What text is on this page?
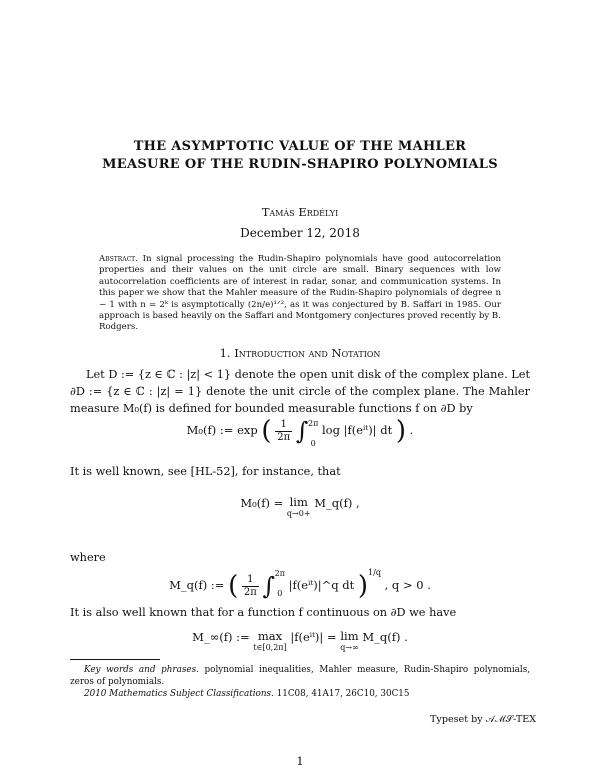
THE ASYMPTOTIC VALUE OF THE MAHLER
MEASURE OF THE RUDIN-SHAPIRO POLYNOMIALS
Tamás Erdélyi
December 12, 2018
Abstract. In signal processing the Rudin-Shapiro polynomials have good autocorrelation properties and their values on the unit circle are small. Binary sequences with low autocorrelation coefficients are of interest in radar, sonar, and communication systems. In this paper we show that the Mahler measure of the Rudin-Shapiro polynomials of degree n − 1 with n = 2ᵏ is asymptotically (2n/e)¹ᐟ², as it was conjectured by B. Saffari in 1985. Our approach is based heavily on the Saffari and Montgomery conjectures proved recently by B. Rodgers.
1. Introduction and Notation
Let D := {z ∈ ℂ : |z| < 1} denote the open unit disk of the complex plane. Let ∂D := {z ∈ ℂ : |z| = 1} denote the unit circle of the complex plane. The Mahler measure M₀(f) is defined for bounded measurable functions f on ∂D by
M₀(f) := exp ( $\frac{1}{2\pi}$ ∫ 2π
0
log |f(eⁱᵗ)| dt ) .
It is well known, see [HL-52], for instance, that
M₀(f) = lim
q→0+
M_q(f) ,
where
M_q(f) := ( $\frac{1}{2\pi}$ ∫ 2π
0
|f(eⁱᵗ)|^q dt )$^{1/q}$ , q > 0 .
It is also well known that for a function f continuous on ∂D we have
M_∞(f) := max
t∈[0,2π]
|f(eⁱᵗ)| = lim
q→∞
M_q(f) .
Key words and phrases. polynomial inequalities, Mahler measure, Rudin-Shapiro polynomials, zeros of polynomials.
2010 Mathematics Subject Classifications. 11C08, 41A17, 26C10, 30C15
Typeset by 𝒜ℳ𝒮-TEX
1
